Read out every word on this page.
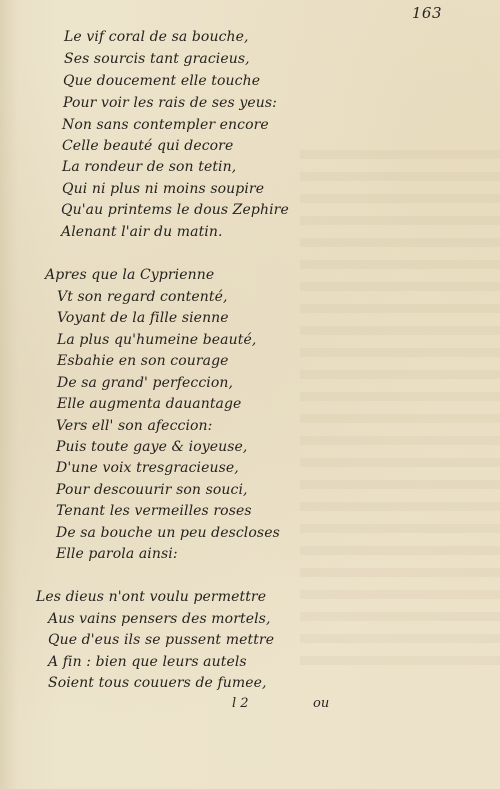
163
Le vif coral de sa bouche,
Ses sourcis tant gracieus,
Que doucement elle touche
Pour voir les rais de ses yeus:
Non sans contempler encore
Celle beauté qui decore
La rondeur de son tetin,
Qui ni plus ni moins soupire
Qu'au printems le dous Zephire
Alenant l'air du matin.
Apres que la Cyprienne
Vt son regard contenté,
Voyant de la fille sienne
La plus qu'humeine beauté,
Esbahie en son courage
De sa grand' perfeccion,
Elle augmenta dauantage
Vers ell' son afeccion:
Puis toute gaye & ioyeuse,
D'une voix tresgracieuse,
Pour descouurir son souci,
Tenant les vermeilles roses
De sa bouche un peu descloses
Elle parola ainsi:
Les dieus n'ont voulu permettre
Aus vains pensers des mortels,
Que d'eus ils se pussent mettre
A fin : bien que leurs autels
Soient tous couuers de fumee,
l 2	ou
